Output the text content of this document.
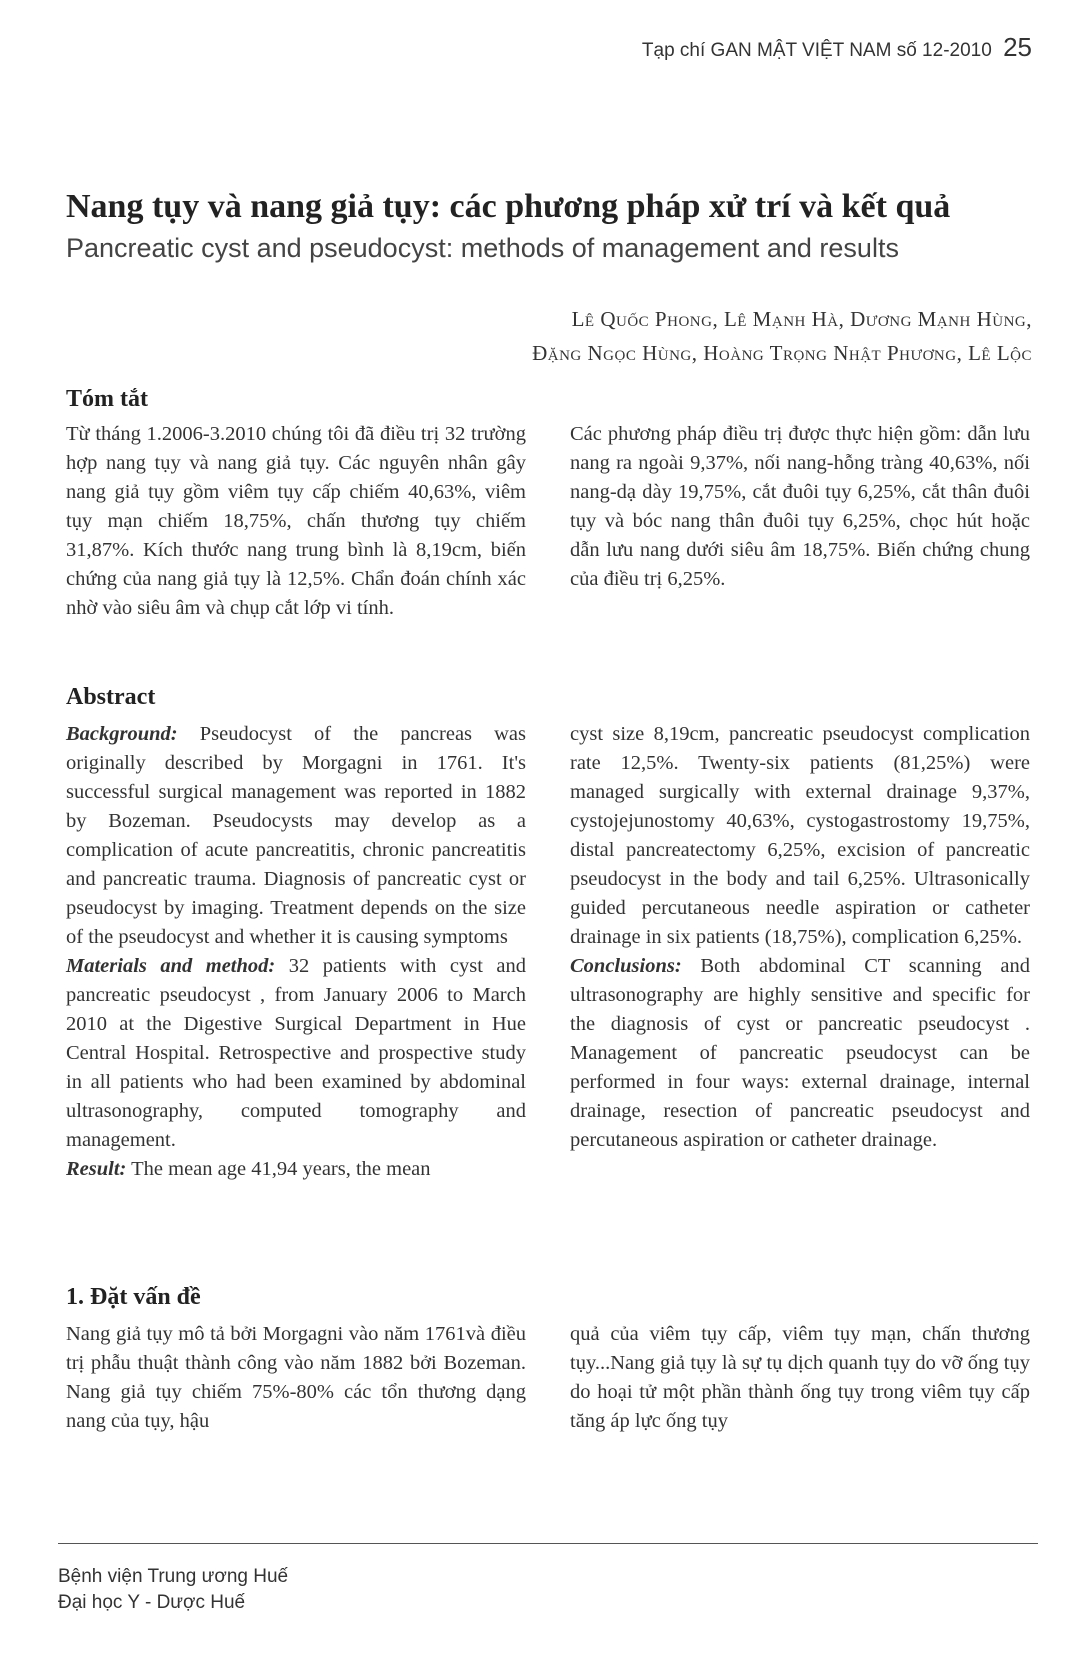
Tạp chí GAN MẬT VIỆT NAM số 12-2010 25
Nang tụy và nang giả tụy: các phương pháp xử trí và kết quả
Pancreatic cyst and pseudocyst: methods of management and results
Lê Quốc Phong, Lê Mạnh Hà, Dương Mạnh Hùng,
Đặng Ngọc Hùng, Hoàng Trọng Nhật Phương, Lê Lộc
Tóm tắt

Từ tháng 1.2006-3.2010 chúng tôi đã điều trị 32 trường hợp nang tụy và nang giả tụy. Các nguyên nhân gây nang giả tụy gồm viêm tụy cấp chiếm 40,63%, viêm tụy mạn chiếm 18,75%, chấn thương tụy chiếm 31,87%. Kích thước nang trung bình là 8,19cm, biến chứng của nang giả tụy là 12,5%. Chẩn đoán chính xác nhờ vào siêu âm và chụp cắt lớp vi tính.

Các phương pháp điều trị được thực hiện gồm: dẫn lưu nang ra ngoài 9,37%, nối nang-hỗng tràng 40,63%, nối nang-dạ dày 19,75%, cắt đuôi tụy 6,25%, cắt thân đuôi tụy và bóc nang thân đuôi tụy 6,25%, chọc hút hoặc dẫn lưu nang dưới siêu âm 18,75%. Biến chứng chung của điều trị 6,25%.

Abstract

Background: Pseudocyst of the pancreas was originally described by Morgagni in 1761. It's successful surgical management was reported in 1882 by Bozeman. Pseudocysts may develop as a complication of acute pancreatitis, chronic pancreatitis and pancreatic trauma. Diagnosis of pancreatic cyst or pseudocyst by imaging. Treatment depends on the size of the pseudocyst and whether it is causing symptoms

Materials and method: 32 patients with cyst and pancreatic pseudocyst , from January 2006 to March 2010 at the Digestive Surgical Department in Hue Central Hospital. Retrospective and prospective study in all patients who had been examined by abdominal ultrasonography, computed tomography and management.

Result: The mean age 41,94 years, the mean

cyst size 8,19cm, pancreatic pseudocyst complication rate 12,5%. Twenty-six patients (81,25%) were managed surgically with external drainage 9,37%, cystojejunostomy 40,63%, cystogastrostomy 19,75%, distal pancreatectomy 6,25%, excision of pancreatic pseudocyst in the body and tail 6,25%. Ultrasonically guided percutaneous needle aspiration or catheter drainage in six patients (18,75%), complication 6,25%.

Conclusions: Both abdominal CT scanning and ultrasonography are highly sensitive and specific for the diagnosis of cyst or pancreatic pseudocyst . Management of pancreatic pseudocyst can be performed in four ways: external drainage, internal drainage, resection of pancreatic pseudocyst and percutaneous aspiration or catheter drainage.

1. Đặt vấn đề

Nang giả tụy mô tả bởi Morgagni vào năm 1761và điều trị phẫu thuật thành công vào năm 1882 bởi Bozeman. Nang giả tụy chiếm 75%-80% các tổn thương dạng nang của tụy, hậu

quả của viêm tụy cấp, viêm tụy mạn, chấn thương tụy...Nang giả tụy là sự tụ dịch quanh tụy do vỡ ống tụy do hoại tử một phần thành ống tụy trong viêm tụy cấp tăng áp lực ống tụy

Bệnh viện Trung ương Huế
Đại học Y - Dược Huế
